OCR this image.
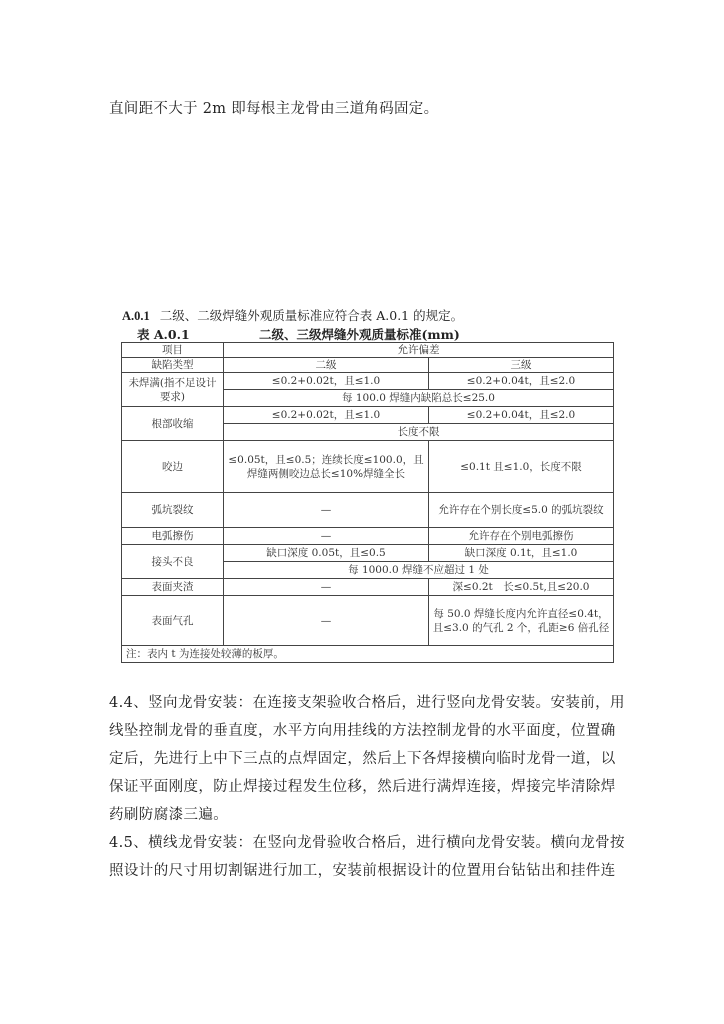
直间距不大于 2m 即每根主龙骨由三道角码固定。
A.0.1 二级、二级焊缝外观质量标准应符合表 A.0.1 的规定。
表 A.0.1	二级、三级焊缝外观质量标准(mm)
项目	允许偏差	
缺陷类型	二级	三级
未焊满(指不足设计要求)	≤0.2+0.02t，且≤1.0	≤0.2+0.04t，且≤2.0
	每 100.0 焊缝内缺陷总长≤25.0	
根部收缩	≤0.2+0.02t，且≤1.0	≤0.2+0.04t，且≤2.0
	长度不限	
咬边	≤0.05t，且≤0.5；连续长度≤100.0，且焊缝两侧咬边总长≤10%焊缝全长	≤0.1t 且≤1.0，长度不限
弧坑裂纹	—	允许存在个别长度≤5.0 的弧坑裂纹
电弧擦伤	—	允许存在个别电弧擦伤
接头不良	缺口深度 0.05t，且≤0.5	缺口深度 0.1t，且≤1.0
	每 1000.0 焊缝不应超过 1 处	
表面夹渣	—	深≤0.2t　长≤0.5t,且≤20.0
表面气孔	—	每 50.0 焊缝长度内允许直径≤0.4t，且≤3.0 的气孔 2 个，孔距≥6 倍孔径
注：表内 t 为连接处较薄的板厚。		
4.4、竖向龙骨安装：在连接支架验收合格后，进行竖向龙骨安装。安装前，用线坠控制龙骨的垂直度，水平方向用挂线的方法控制龙骨的水平面度，位置确定后，先进行上中下三点的点焊固定，然后上下各焊接横向临时龙骨一道，以保证平面刚度，防止焊接过程发生位移，然后进行满焊连接，焊接完毕清除焊药刷防腐漆三遍。
4.5、横线龙骨安装：在竖向龙骨验收合格后，进行横向龙骨安装。横向龙骨按照设计的尺寸用切割锯进行加工，安装前根据设计的位置用台钻钻出和挂件连
